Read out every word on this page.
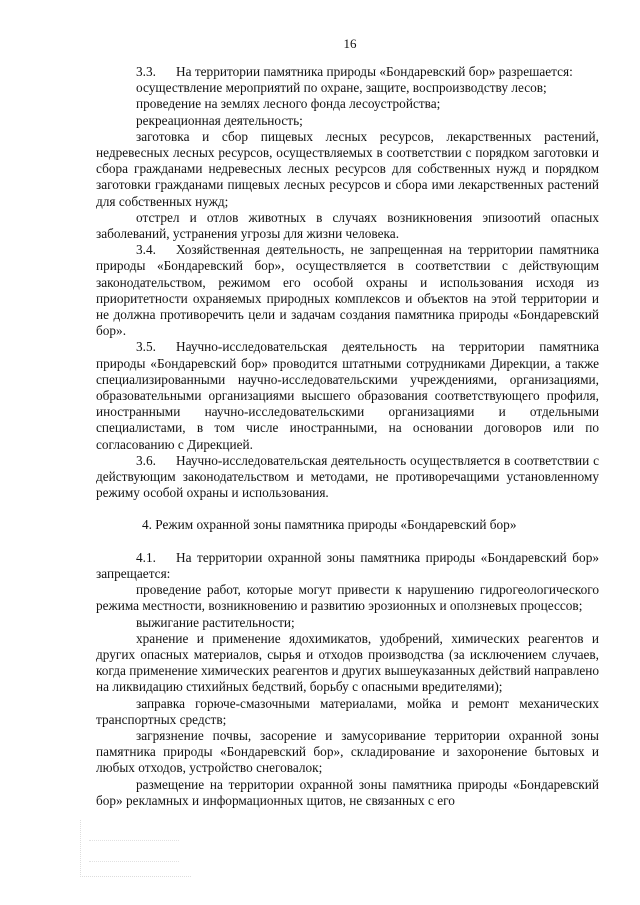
16

3.3. На территории памятника природы «Бондаревский бор» разрешается:

осуществление мероприятий по охране, защите, воспроизводству лесов;

проведение на землях лесного фонда лесоустройства;

рекреационная деятельность;

заготовка и сбор пищевых лесных ресурсов, лекарственных растений, недревесных лесных ресурсов, осуществляемых в соответствии с порядком заготовки и сбора гражданами недревесных лесных ресурсов для собственных нужд и порядком заготовки гражданами пищевых лесных ресурсов и сбора ими лекарственных растений для собственных нужд;

отстрел и отлов животных в случаях возникновения эпизоотий опасных заболеваний, устранения угрозы для жизни человека.

3.4. Хозяйственная деятельность, не запрещенная на территории памятника природы «Бондаревский бор», осуществляется в соответствии с действующим законодательством, режимом его особой охраны и использования исходя из приоритетности охраняемых природных комплексов и объектов на этой территории и не должна противоречить цели и задачам создания памятника природы «Бондаревский бор».

3.5. Научно-исследовательская деятельность на территории памятника природы «Бондаревский бор» проводится штатными сотрудниками Дирекции, а также специализированными научно-исследовательскими учреждениями, организациями, образовательными организациями высшего образования соответствующего профиля, иностранными научно-исследовательскими организациями и отдельными специалистами, в том числе иностранными, на основании договоров или по согласованию с Дирекцией.

3.6. Научно-исследовательская деятельность осуществляется в соответствии с действующим законодательством и методами, не противоречащими установленному режиму особой охраны и использования.

4. Режим охранной зоны памятника природы «Бондаревский бор»

4.1. На территории охранной зоны памятника природы «Бондаревский бор» запрещается:

проведение работ, которые могут привести к нарушению гидрогеологического режима местности, возникновению и развитию эрозионных и оползневых процессов;

выжигание растительности;

хранение и применение ядохимикатов, удобрений, химических реагентов и других опасных материалов, сырья и отходов производства (за исключением случаев, когда применение химических реагентов и других вышеуказанных действий направлено на ликвидацию стихийных бедствий, борьбу с опасными вредителями);

заправка горюче-смазочными материалами, мойка и ремонт механических транспортных средств;

загрязнение почвы, засорение и замусоривание территории охранной зоны памятника природы «Бондаревский бор», складирование и захоронение бытовых и любых отходов, устройство снеговалок;

размещение на территории охранной зоны памятника природы «Бондаревский бор» рекламных и информационных щитов, не связанных с его
